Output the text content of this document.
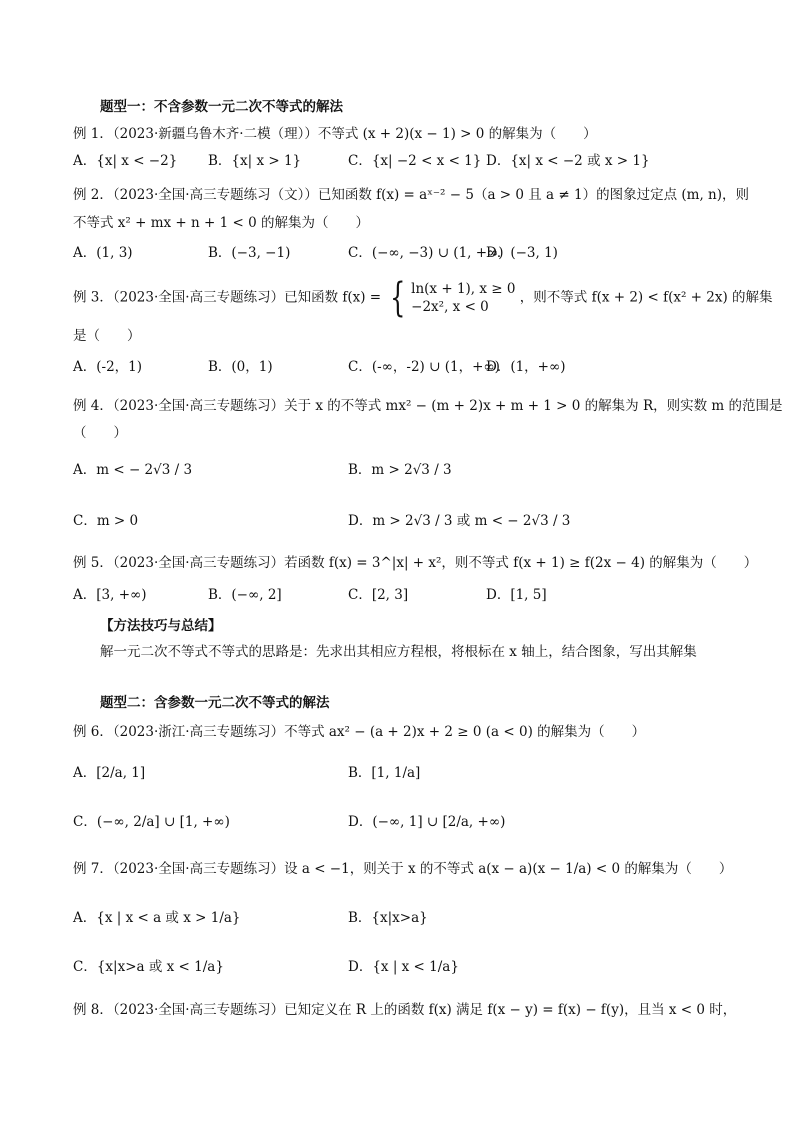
题型一：不含参数一元二次不等式的解法
例 1．（2023·新疆乌鲁木齐·二模（理））不等式 (x + 2)(x − 1) > 0 的解集为（　　）
A．{x| x < −2} B．{x| x > 1}	C．{x| −2 < x < 1} D．{x| x < −2 或 x > 1}
例 2．（2023·全国·高三专题练习（文））已知函数 f(x) = aˣ⁻² − 5（a > 0 且 a ≠ 1）的图象过定点 (m, n)，则
不等式 x² + mx + n + 1 < 0 的解集为（　　）
A．(1, 3)	B．(−3, −1)	C．(−∞, −3) ∪ (1, +∞)
D．(−3, 1)
例 3．（2023·全国·高三专题练习）已知函数 f(x) = { ln(x + 1), x ≥ 0
−2x², x < 0
，则不等式 f(x + 2) < f(x² + 2x) 的解集
是（　　）
A．(-2，1)	B．(0，1)	C．(-∞，-2) ∪ (1，+∞)
D．(1，+∞)
例 4．（2023·全国·高三专题练习）关于 x 的不等式 mx² − (m + 2)x + m + 1 > 0 的解集为 R，则实数 m 的范围是
（　　）
A．m < − 2√3 / 3	B．m > 2√3 / 3
C．m > 0	D．m > 2√3 / 3 或 m < − 2√3 / 3
例 5．（2023·全国·高三专题练习）若函数 f(x) = 3^|x| + x²，则不等式 f(x + 1) ≥ f(2x − 4) 的解集为（　　）
A．[3, +∞)	B．(−∞, 2]	C．[2, 3]	D．[1, 5]
【方法技巧与总结】
解一元二次不等式不等式的思路是：先求出其相应方程根，将根标在 x 轴上，结合图象，写出其解集
题型二：含参数一元二次不等式的解法
例 6．（2023·浙江·高三专题练习）不等式 ax² − (a + 2)x + 2 ≥ 0 (a < 0) 的解集为（　　）
A．[2/a, 1]	B．[1, 1/a]
C．(−∞, 2/a] ∪ [1, +∞)	D．(−∞, 1] ∪ [2/a, +∞)
例 7．（2023·全国·高三专题练习）设 a < −1，则关于 x 的不等式 a(x − a)(x − 1/a) < 0 的解集为（　　）
A．{x | x < a 或 x > 1/a}	B．{x|x>a}
C．{x|x>a 或 x < 1/a}	D．{x | x < 1/a}
例 8．（2023·全国·高三专题练习）已知定义在 R 上的函数 f(x) 满足 f(x − y) = f(x) − f(y)，且当 x < 0 时，
